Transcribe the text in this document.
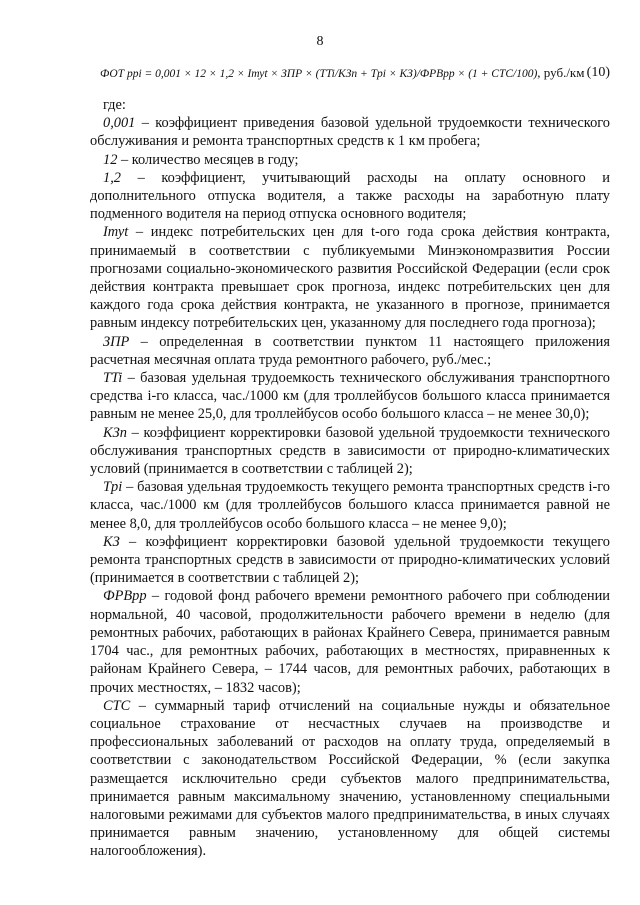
8
ФОТ ррi = 0,001 × 12 × 1,2 × Iтуt × ЗПР × (TTi/KЗп + Tpi × KЗ)/ФРВрр × (1 + CТС/100), руб./км (10)

где:

0,001 – коэффициент приведения базовой удельной трудоемкости технического обслуживания и ремонта транспортных средств к 1 км пробега;

12 – количество месяцев в году;

1,2 – коэффициент, учитывающий расходы на оплату основного и дополнительного отпуска водителя, а также расходы на заработную плату подменного водителя на период отпуска основного водителя;

Iтуt – индекс потребительских цен для t-ого года срока действия контракта, принимаемый в соответствии с публикуемыми Минэкономразвития России прогнозами социально-экономического развития Российской Федерации (если срок действия контракта превышает срок прогноза, индекс потребительских цен для каждого года срока действия контракта, не указанного в прогнозе, принимается равным индексу потребительских цен, указанному для последнего года прогноза);

ЗПР – определенная в соответствии пунктом 11 настоящего приложения расчетная месячная оплата труда ремонтного рабочего, руб./мес.;

TTi – базовая удельная трудоемкость технического обслуживания транспортного средства i-го класса, час./1000 км (для троллейбусов большого класса принимается равным не менее 25,0, для троллейбусов особо большого класса – не менее 30,0);

KЗп – коэффициент корректировки базовой удельной трудоемкости технического обслуживания транспортных средств в зависимости от природно-климатических условий (принимается в соответствии с таблицей 2);

Tpi – базовая удельная трудоемкость текущего ремонта транспортных средств i-го класса, час./1000 км (для троллейбусов большого класса принимается равной не менее 8,0, для троллейбусов особо большого класса – не менее 9,0);

KЗ – коэффициент корректировки базовой удельной трудоемкости текущего ремонта транспортных средств в зависимости от природно-климатических условий (принимается в соответствии с таблицей 2);

ФРВрр – годовой фонд рабочего времени ремонтного рабочего при соблюдении нормальной, 40 часовой, продолжительности рабочего времени в неделю (для ремонтных рабочих, работающих в районах Крайнего Севера, принимается равным 1704 час., для ремонтных рабочих, работающих в местностях, приравненных к районам Крайнего Севера, – 1744 часов, для ремонтных рабочих, работающих в прочих местностях, – 1832 часов);

CТС – суммарный тариф отчислений на социальные нужды и обязательное социальное страхование от несчастных случаев на производстве и профессиональных заболеваний от расходов на оплату труда, определяемый в соответствии с законодательством Российской Федерации, % (если закупка размещается исключительно среди субъектов малого предпринимательства, принимается равным максимальному значению, установленному специальными налоговыми режимами для субъектов малого предпринимательства, в иных случаях принимается равным значению, установленному для общей системы налогообложения).
